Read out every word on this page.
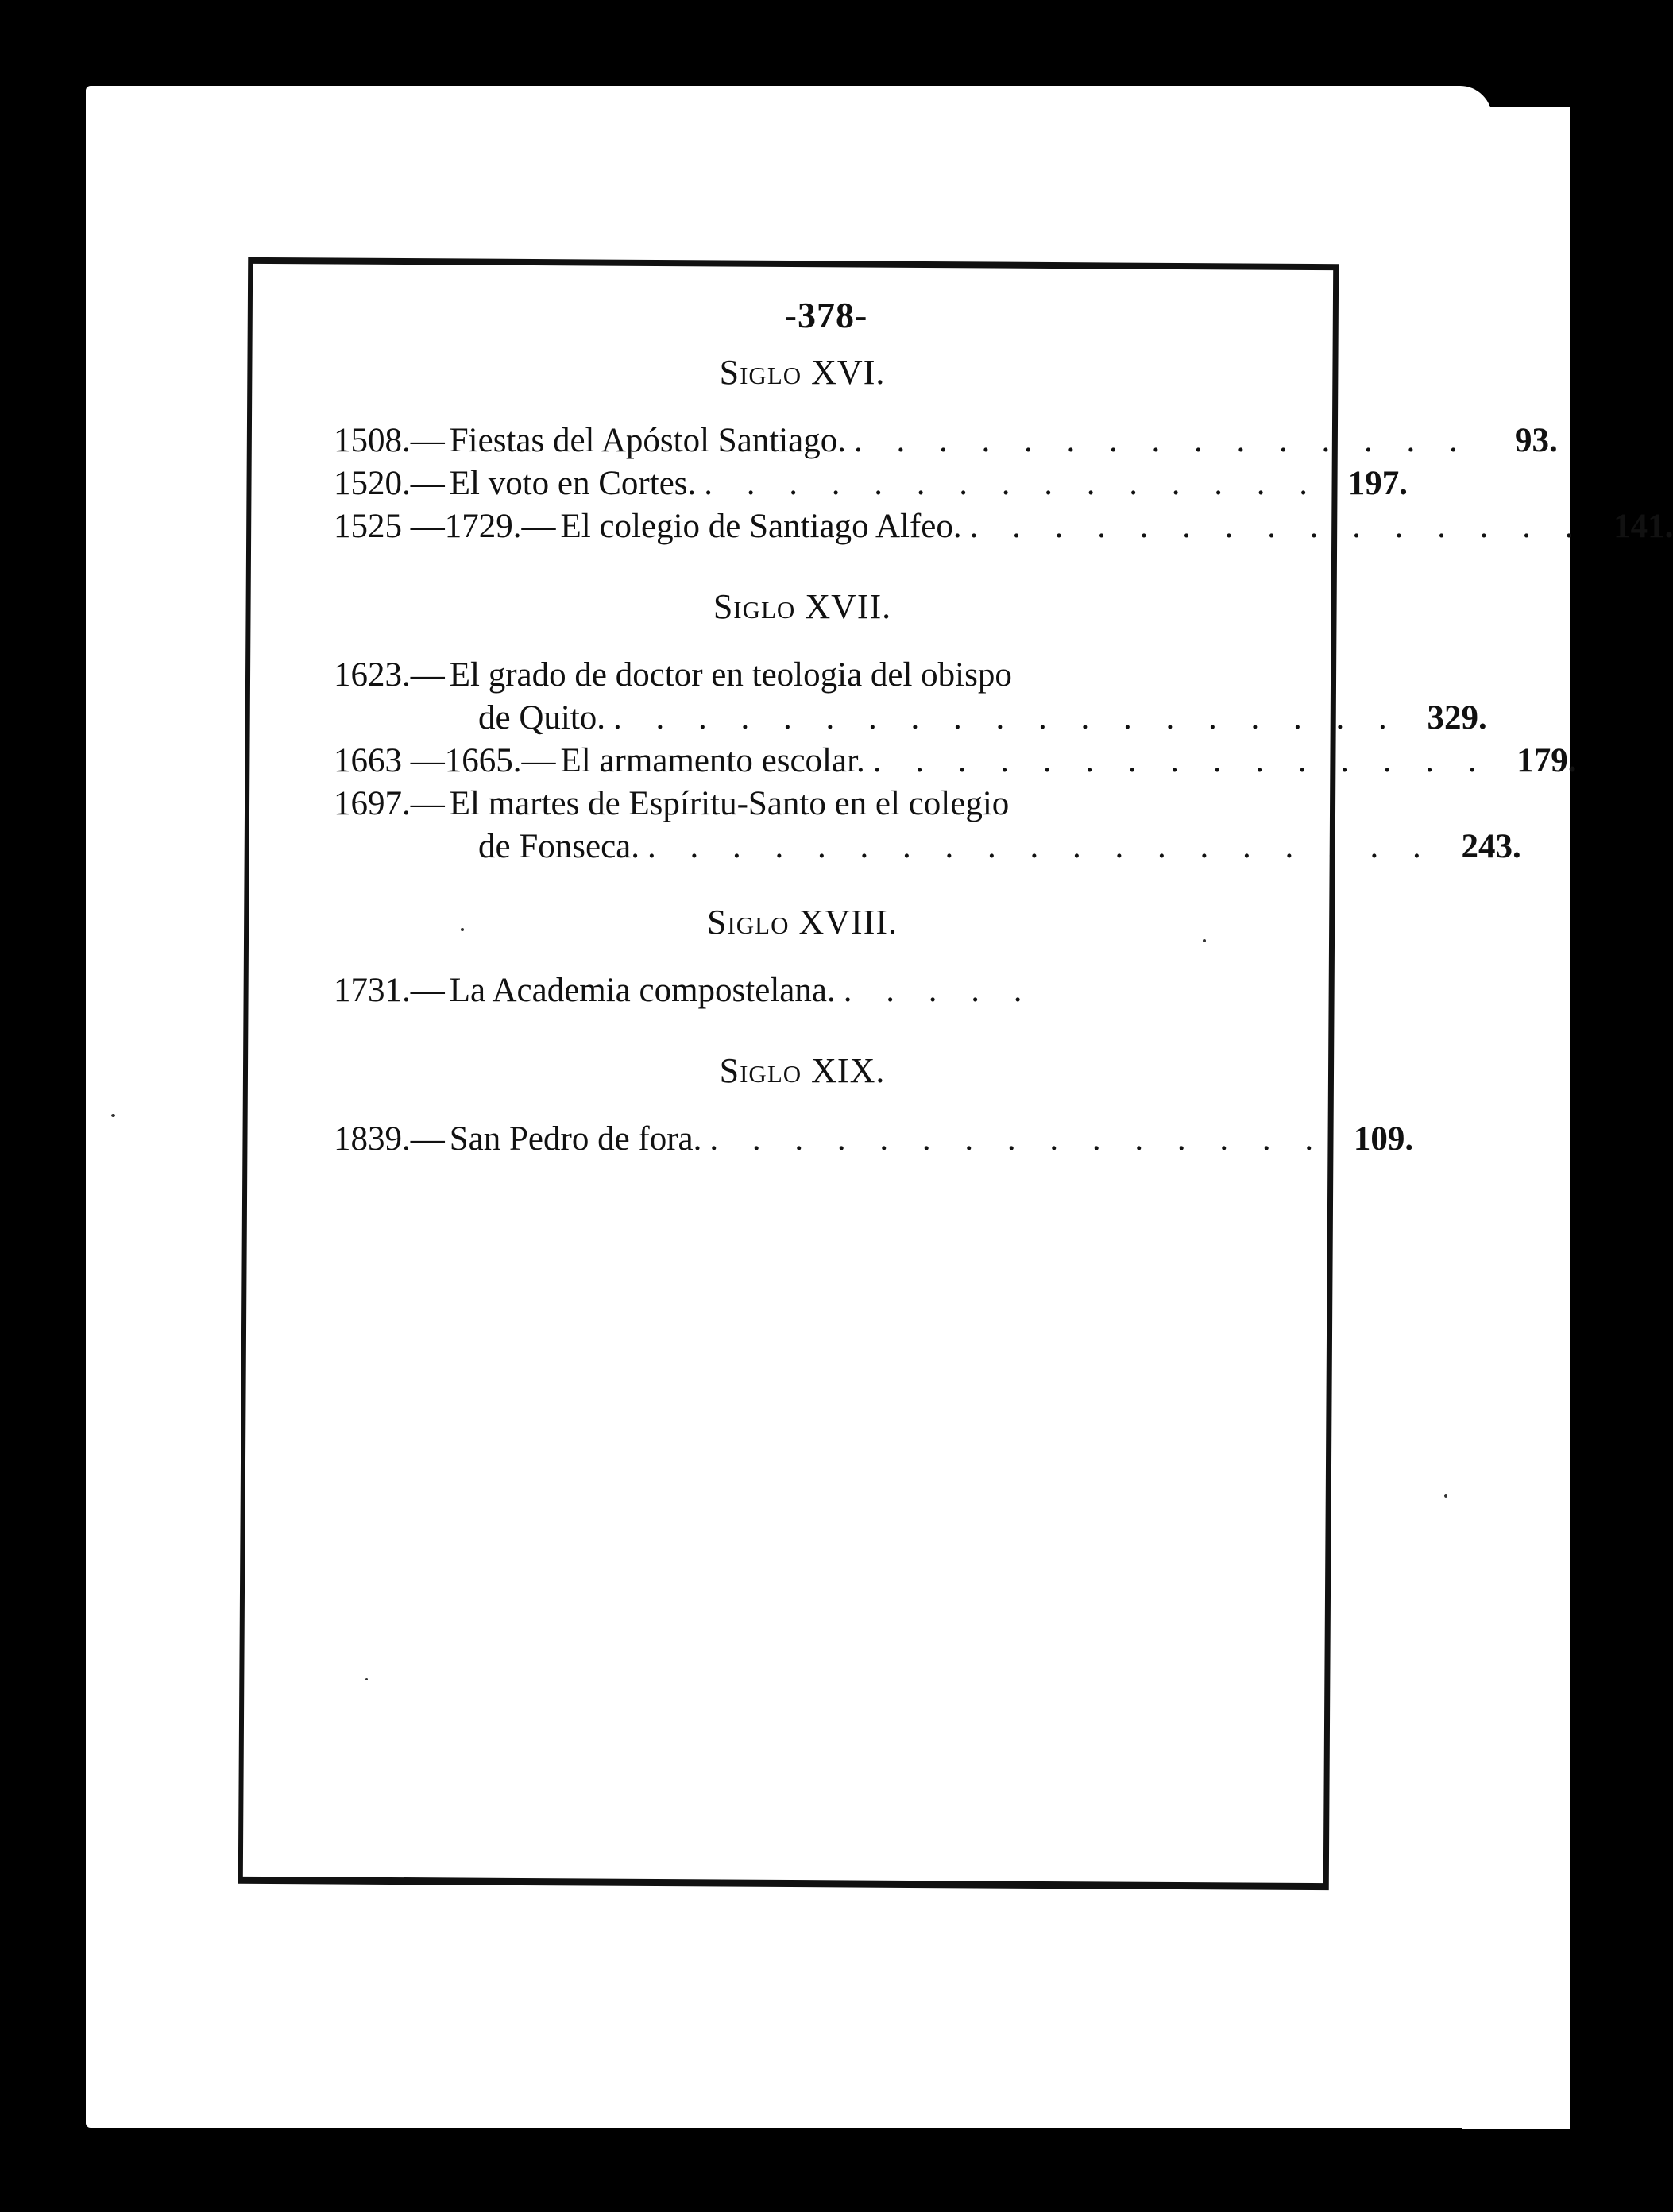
-378-
Siglo XVI.
1508.— Fiestas del Apóstol Santiago. . . . . . . . . . . . . . . .	93.
1520.— El voto en Cortes. . . . . . . . . . . . . . . . 197.
1525 —1729.— El colegio de Santiago Alfeo. . . . . . . . . . . . . . . . 141.
Siglo XVII.
1623.— El grado de doctor en teologia del obispo
de Quito. . . . . . . . . . . . . . . . . . . . 329.
1663 —1665.— El armamento escolar. . . . . . . . . . . . . . . . 179.
1697.— El martes de Espíritu-Santo en el colegio
de Fonseca. . . . . . . . . . . . . . . . . . . . 243.
Siglo XVIII.
1731.— La Academia compostelana. . . . . .
Siglo XIX.
1839.— San Pedro de fora. . . . . . . . . . . . . . . . 109.
